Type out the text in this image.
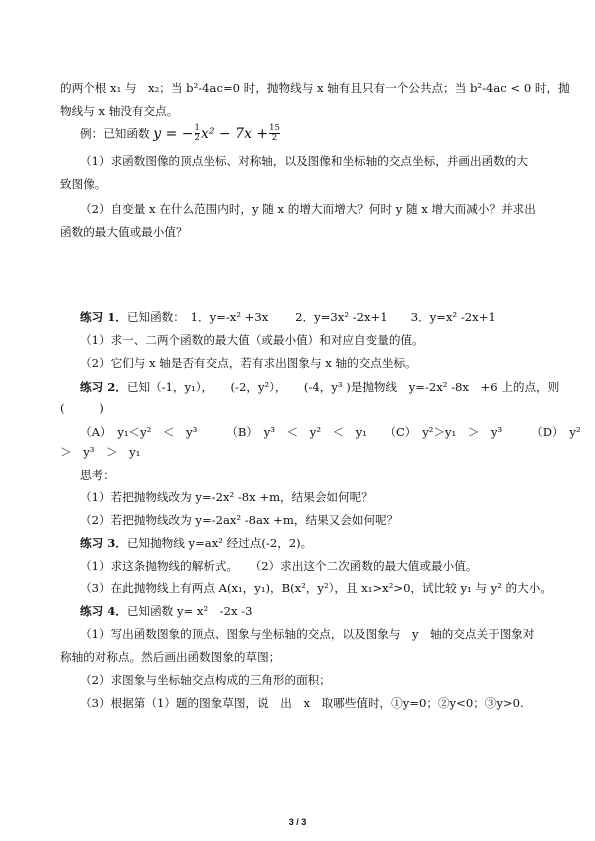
的两个根 x₁ 与　x₂；当 b²-4ac=0 时，抛物线与 x 轴有且只有一个公共点；当 b²-4ac < 0 时，抛
物线与 x 轴没有交点。
例：已知函数 y = − $\frac{1}{2} x^2 - 7x + \frac{15}{2}$
（1）求函数图像的顶点坐标、对称轴，以及图像和坐标轴的交点坐标，并画出函数的大
致图像。
（2）自变量 x 在什么范围内时，y 随 x 的增大而增大？何时 y 随 x 增大而减小？并求出
函数的最大值或最小值？
练习 1．已知函数：　1．y=-x² +3x　　 2．y=3x² -2x+1　　3．y=x² -2x+1
（1）求一、二两个函数的最大值（或最小值）和对应自变量的值。
（2）它们与 x 轴是否有交点，若有求出图象与 x 轴的交点坐标。
练习 2．已知（-1，y₁），　　(-2，y²），　　(-4，y³ )是抛物线　y=-2x² -8x　+6 上的点，则
(　　　)
（A）　y₁＜y²　＜　y³　　　（B）　y³　＜　y²　＜　y₁　　（C）　y²＞y₁　＞　y³　　　（D）　y²
＞　y³　＞　y₁
思考：
（1）若把抛物线改为 y=-2x² -8x +m，结果会如何呢？
（2）若把抛物线改为 y=-2ax² -8ax +m，结果又会如何呢？
练习 3．已知抛物线 y=ax² 经过点(-2，2)。
（1）求这条抛物线的解析式。　　（2）求出这个二次函数的最大值或最小值。
（3）在此抛物线上有两点 A(x₁，y₁)，B(x²，y²），且 x₁>x²>0，试比较 y₁ 与 y² 的大小。
练习 4．已知函数 y= x²　-2x -3
（1）写出函数图象的顶点、图象与坐标轴的交点，以及图象与　y　轴的交点关于图象对
称轴的对称点。然后画出函数图象的草图；
（2）求图象与坐标轴交点构成的三角形的面积；
（3）根据第（1）题的图象草图，说　出　x　取哪些值时，①y=0；②y<0；③y>0.
3 / 3
